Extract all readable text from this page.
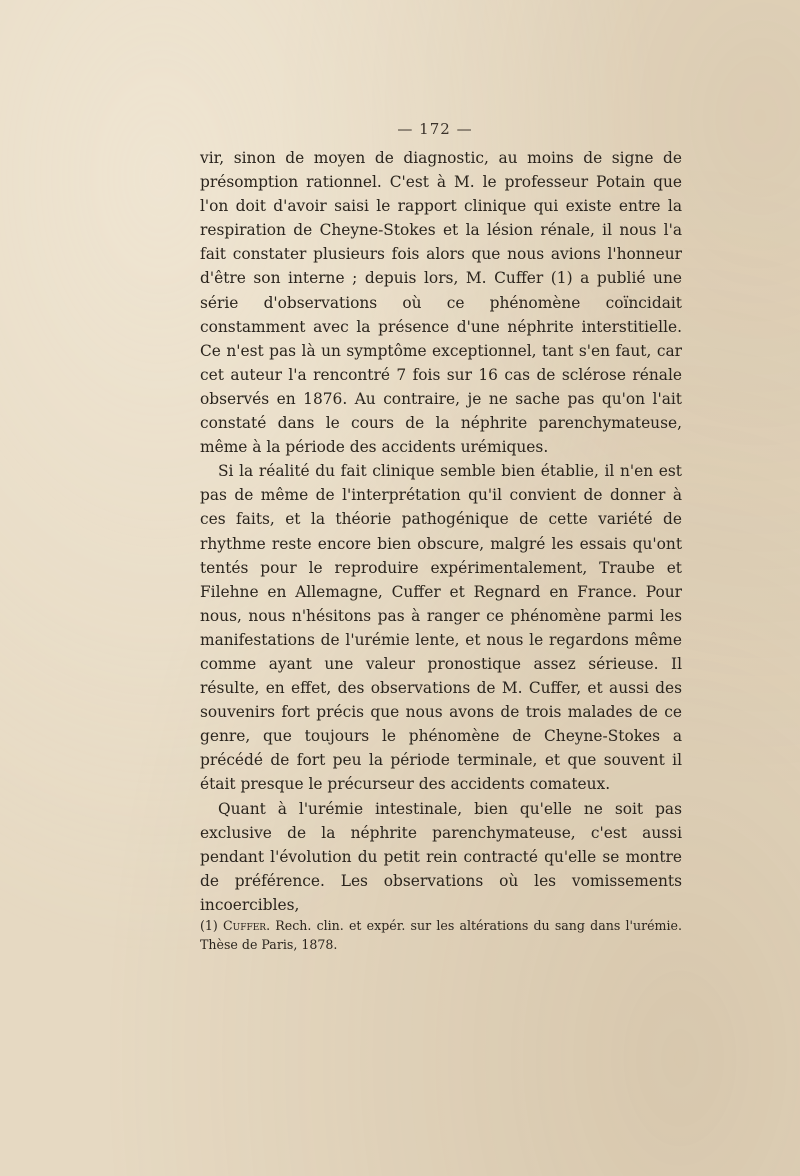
— 172 —

vir, sinon de moyen de diagnostic, au moins de signe de présomption rationnel. C'est à M. le professeur Potain que l'on doit d'avoir saisi le rapport clinique qui existe entre la respiration de Cheyne-Stokes et la lésion rénale, il nous l'a fait constater plusieurs fois alors que nous avions l'honneur d'être son interne ; depuis lors, M. Cuffer (1) a publié une série d'observations où ce phénomène coïncidait constamment avec la présence d'une néphrite interstitielle. Ce n'est pas là un symptôme exceptionnel, tant s'en faut, car cet auteur l'a rencontré 7 fois sur 16 cas de sclérose rénale observés en 1876. Au contraire, je ne sache pas qu'on l'ait constaté dans le cours de la néphrite parenchymateuse, même à la période des accidents urémiques.

Si la réalité du fait clinique semble bien établie, il n'en est pas de même de l'interprétation qu'il convient de donner à ces faits, et la théorie pathogénique de cette variété de rhythme reste encore bien obscure, malgré les essais qu'ont tentés pour le reproduire expérimentalement, Traube et Filehne en Allemagne, Cuffer et Regnard en France. Pour nous, nous n'hésitons pas à ranger ce phénomène parmi les manifestations de l'urémie lente, et nous le regardons même comme ayant une valeur pronostique assez sérieuse. Il résulte, en effet, des observations de M. Cuffer, et aussi des souvenirs fort précis que nous avons de trois malades de ce genre, que toujours le phénomène de Cheyne-Stokes a précédé de fort peu la période terminale, et que souvent il était presque le précurseur des accidents comateux.

Quant à l'urémie intestinale, bien qu'elle ne soit pas exclusive de la néphrite parenchymateuse, c'est aussi pendant l'évolution du petit rein contracté qu'elle se montre de préférence. Les observations où les vomissements incoercibles,

(1) Cuffer. Rech. clin. et expér. sur les altérations du sang dans l'urémie. Thèse de Paris, 1878.
